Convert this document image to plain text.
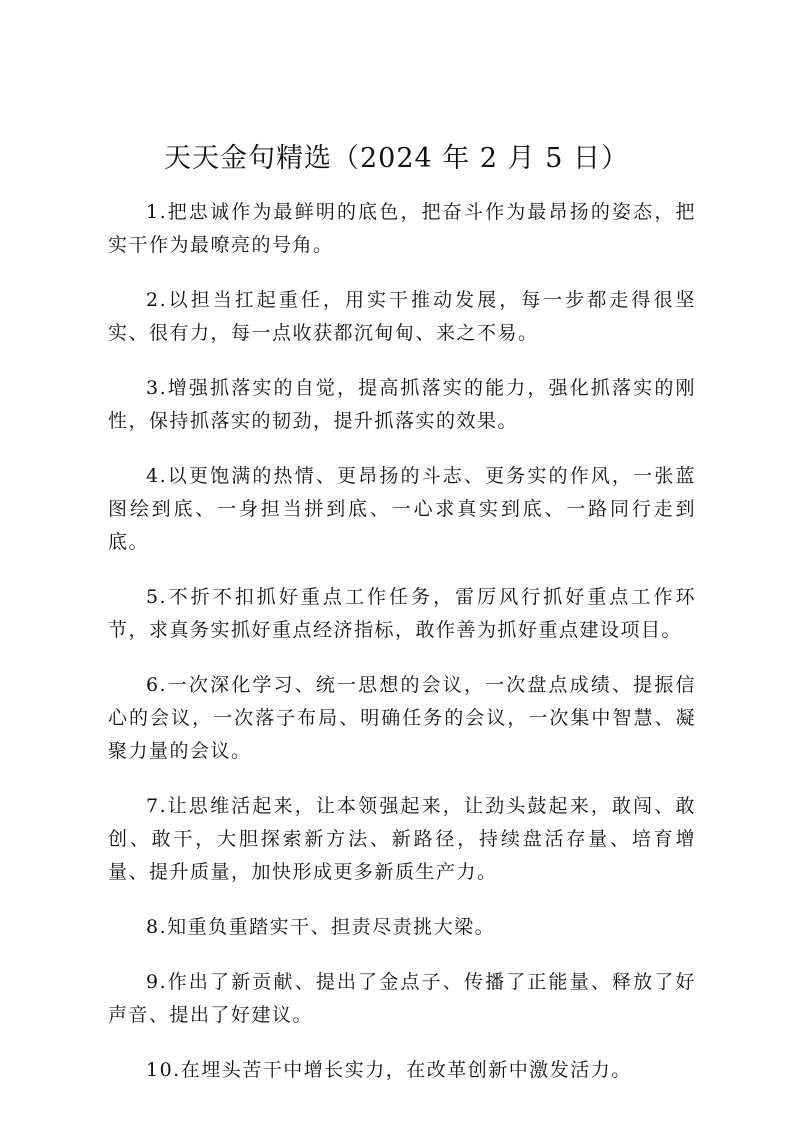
天天金句精选（2024 年 2 月 5 日）

1.把忠诚作为最鲜明的底色，把奋斗作为最昂扬的姿态，把实干作为最嘹亮的号角。

2.以担当扛起重任，用实干推动发展，每一步都走得很坚实、很有力，每一点收获都沉甸甸、来之不易。

3.增强抓落实的自觉，提高抓落实的能力，强化抓落实的刚性，保持抓落实的韧劲，提升抓落实的效果。

4.以更饱满的热情、更昂扬的斗志、更务实的作风，一张蓝图绘到底、一身担当拼到底、一心求真实到底、一路同行走到底。

5.不折不扣抓好重点工作任务，雷厉风行抓好重点工作环节，求真务实抓好重点经济指标，敢作善为抓好重点建设项目。

6.一次深化学习、统一思想的会议，一次盘点成绩、提振信心的会议，一次落子布局、明确任务的会议，一次集中智慧、凝聚力量的会议。

7.让思维活起来，让本领强起来，让劲头鼓起来，敢闯、敢创、敢干，大胆探索新方法、新路径，持续盘活存量、培育增量、提升质量，加快形成更多新质生产力。

8.知重负重踏实干、担责尽责挑大梁。

9.作出了新贡献、提出了金点子、传播了正能量、释放了好声音、提出了好建议。

10.在埋头苦干中增长实力，在改革创新中激发活力。
